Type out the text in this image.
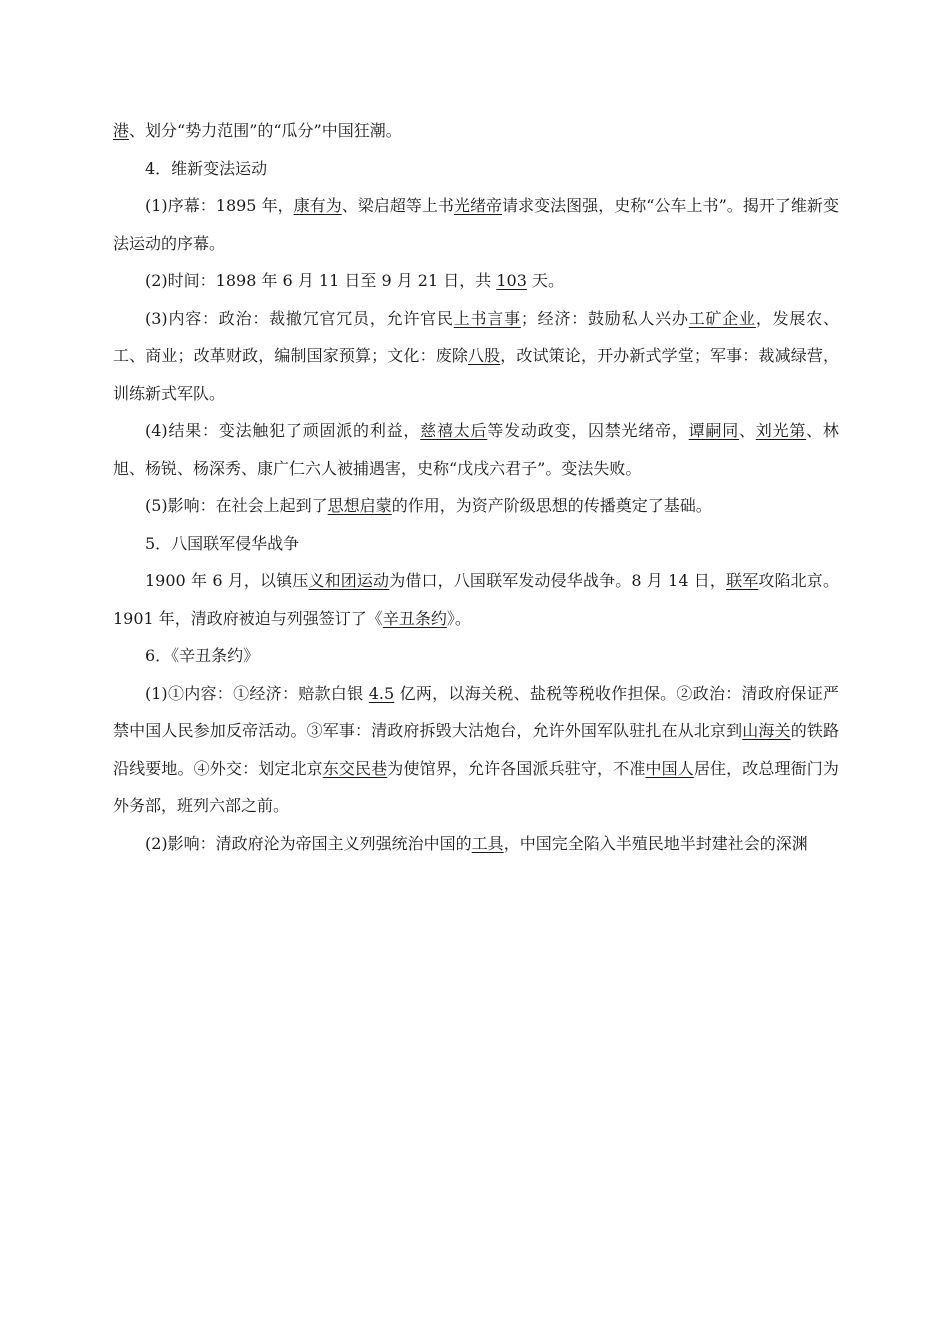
港、划分“势力范围”的“瓜分”中国狂潮。

4．维新变法运动

(1)序幕：1895 年，康有为、梁启超等上书光绪帝请求变法图强，史称“公车上书”。揭开了维新变法运动的序幕。

(2)时间：1898 年 6 月 11 日至 9 月 21 日，共 103 天。

(3)内容：政治：裁撤冗官冗员，允许官民上书言事；经济：鼓励私人兴办工矿企业，发展农、工、商业；改革财政，编制国家预算；文化：废除八股，改试策论，开办新式学堂；军事：裁减绿营，训练新式军队。

(4)结果：变法触犯了顽固派的利益，慈禧太后等发动政变，囚禁光绪帝，谭嗣同、刘光第、林旭、杨锐、杨深秀、康广仁六人被捕遇害，史称“戊戌六君子”。变法失败。

(5)影响：在社会上起到了思想启蒙的作用，为资产阶级思想的传播奠定了基础。

5．八国联军侵华战争

1900 年 6 月，以镇压义和团运动为借口，八国联军发动侵华战争。8 月 14 日，联军攻陷北京。1901 年，清政府被迫与列强签订了《辛丑条约》。

6．《辛丑条约》

(1)①内容：①经济：赔款白银 4.5 亿两，以海关税、盐税等税收作担保。②政治：清政府保证严禁中国人民参加反帝活动。③军事：清政府拆毁大沽炮台，允许外国军队驻扎在从北京到山海关的铁路沿线要地。④外交：划定北京东交民巷为使馆界，允许各国派兵驻守，不准中国人居住，改总理衙门为外务部，班列六部之前。

(2)影响：清政府沦为帝国主义列强统治中国的工具，中国完全陷入半殖民地半封建社会的深渊
